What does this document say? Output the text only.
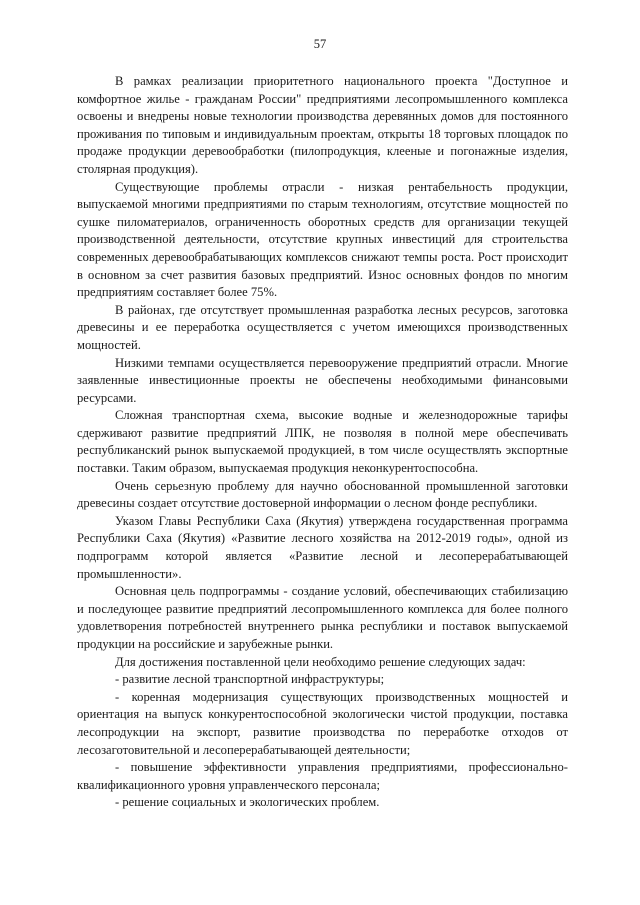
57

В рамках реализации приоритетного национального проекта "Доступное и комфортное жилье - гражданам России" предприятиями лесопромышленного комплекса освоены и внедрены новые технологии производства деревянных домов для постоянного проживания по типовым и индивидуальным проектам, открыты 18 торговых площадок по продаже продукции деревообработки (пилопродукция, клееные и погонажные изделия, столярная продукция).

Существующие проблемы отрасли - низкая рентабельность продукции, выпускаемой многими предприятиями по старым технологиям, отсутствие мощностей по сушке пиломатериалов, ограниченность оборотных средств для организации текущей производственной деятельности, отсутствие крупных инвестиций для строительства современных деревообрабатывающих комплексов снижают темпы роста. Рост происходит в основном за счет развития базовых предприятий. Износ основных фондов по многим предприятиям составляет более 75%.

В районах, где отсутствует промышленная разработка лесных ресурсов, заготовка древесины и ее переработка осуществляется с учетом имеющихся производственных мощностей.

Низкими темпами осуществляется перевооружение предприятий отрасли. Многие заявленные инвестиционные проекты не обеспечены необходимыми финансовыми ресурсами.

Сложная транспортная схема, высокие водные и железнодорожные тарифы сдерживают развитие предприятий ЛПК, не позволяя в полной мере обеспечивать республиканский рынок выпускаемой продукцией, в том числе осуществлять экспортные поставки. Таким образом, выпускаемая продукция неконкурентоспособна.

Очень серьезную проблему для научно обоснованной промышленной заготовки древесины создает отсутствие достоверной информации о лесном фонде республики.

Указом Главы Республики Саха (Якутия) утверждена государственная программа Республики Саха (Якутия) «Развитие лесного хозяйства на 2012-2019 годы», одной из подпрограмм которой является «Развитие лесной и лесоперерабатывающей промышленности».

Основная цель подпрограммы - создание условий, обеспечивающих стабилизацию и последующее развитие предприятий лесопромышленного комплекса для более полного удовлетворения потребностей внутреннего рынка республики и поставок выпускаемой продукции на российские и зарубежные рынки.

Для достижения поставленной цели необходимо решение следующих задач:

- развитие лесной транспортной инфраструктуры;

- коренная модернизация существующих производственных мощностей и ориентация на выпуск конкурентоспособной экологически чистой продукции, поставка лесопродукции на экспорт, развитие производства по переработке отходов от лесозаготовительной и лесоперерабатывающей деятельности;

- повышение эффективности управления предприятиями, профессионально-квалификационного уровня управленческого персонала;

- решение социальных и экологических проблем.
